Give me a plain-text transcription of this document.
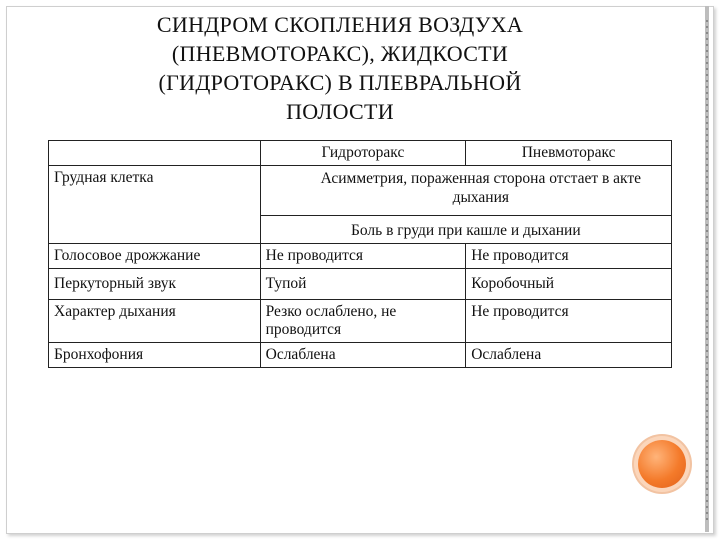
СИНДРОМ СКОПЛЕНИЯ ВОЗДУХА
(ПНЕВМОТОРАКС), ЖИДКОСТИ
(ГИДРОТОРАКС) В ПЛЕВРАЛЬНОЙ
ПОЛОСТИ
	Гидроторакс	Пневмоторакс
Грудная клетка	Асимметрия, пораженная сторона отстает в акте дыхания	
	Боль в груди при кашле и дыхании	
Голосовое дрожжание	Не проводится	Не проводится
Перкуторный звук	Тупой	Коробочный
Характер дыхания	Резко ослаблено, не проводится	Не проводится
Бронхофония	Ослаблена	Ослаблена
